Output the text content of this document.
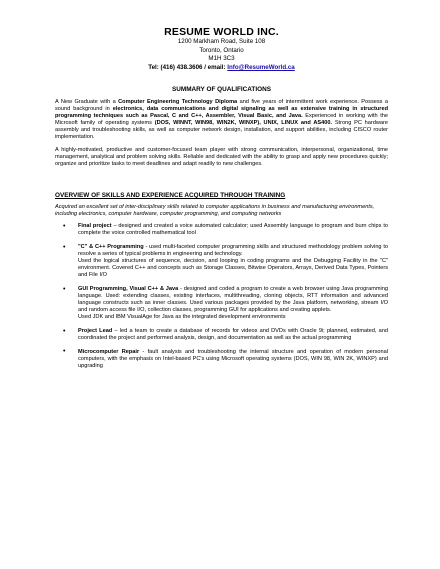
RESUME WORLD INC.
1200 Markham Road, Suite 108
Toronto, Ontario
M1H 3C3
Tel: (416) 438.3606 / email: Info@ResumeWorld.ca
SUMMARY OF QUALIFICATIONS

A New Graduate with a Computer Engineering Technology Diploma and five years of intermittent work experience. Possess a sound background in electronics, data communications and digital signaling as well as extensive training in structured programming techniques such as Pascal, C and C++, Assembler, Visual Basic, and Java. Experienced in working with the Microsoft family of operating systems (DOS, WINNT, WIN98, WIN2K, WINXP), UNIX, LINUX and AS400. Strong PC hardware assembly and troubleshooting skills, as well as computer network design, installation, and support abilities, including CISCO router implementation.

A highly-motivated, productive and customer-focused team player with strong communication, interpersonal, organizational, time management, analytical and problem solving skills. Reliable and dedicated with the ability to grasp and apply new procedures quickly; organize and prioritize tasks to meet deadlines and adapt readily to new challenges.

OVERVIEW OF SKILLS AND EXPERIENCE ACQUIRED THROUGH TRAINING
Acquired an excellent set of inter-disciplinary skills related to computer applications in business and manufacturing environments, including electronics, computer hardware, computer programming, and computing networks
• Final project – designed and created a voice automated calculator; used Assembly language to program and burn chips to complete the voice controlled mathematical tool
• "C" & C++ Programming - used multi-faceted computer programming skills and structured methodology problem solving to resolve a series of typical problems in engineering and technology.
Used the logical structures of sequence, decision, and looping in coding programs and the Debugging Facility in the "C" environment. Covered C++ and concepts such as Storage Classes, Bitwise Operators, Arrays, Derived Data Types, Pointers and File I/O
• GUI Programming, Visual C++ & Java - designed and coded a program to create a web browser using Java programming language. Used: extending classes, existing interfaces, multithreading, cloning objects, RTT information and advanced language constructs such as inner classes. Used various packages provided by the Java platform, networking, stream I/O and random access file I/O, collection classes, programming GUI for applications and creating applets.
Used JDK and IBM VisualAge for Java as the integrated development environments
• Project Lead – led a team to create a database of records for videos and DVDs with Oracle 9i; planned, estimated, and coordinated the project and performed analysis, design, and documentation as well as the actual programming
• Microcomputer Repair - fault analysis and troubleshooting the internal structure and operation of modern personal computers, with the emphasis on Intel-based PC's using Microsoft operating systems (DOS, WIN 98, WIN 2K, WINXP) and upgrading
